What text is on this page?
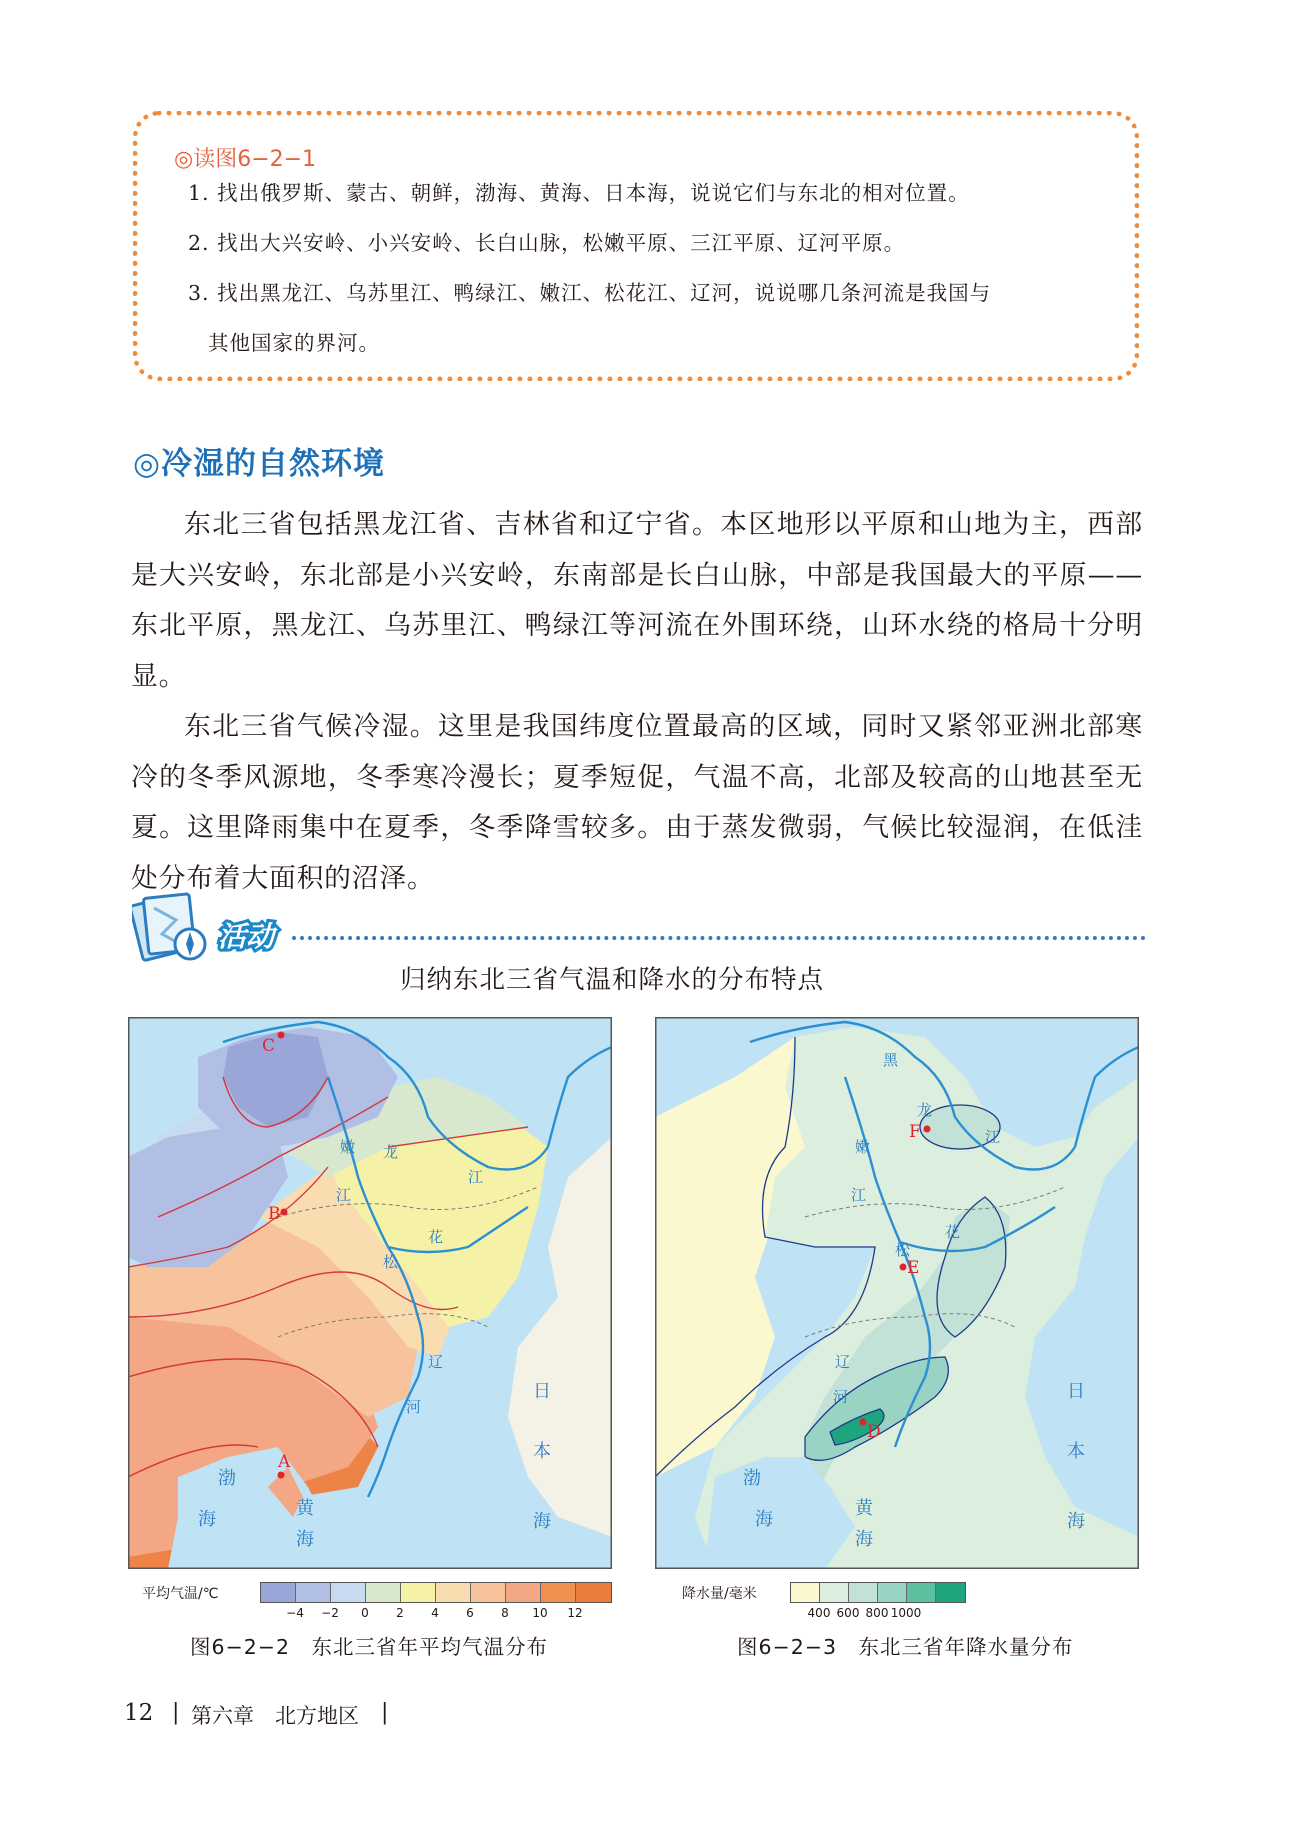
◎读图6−2−1
1. 找出俄罗斯、蒙古、朝鲜，渤海、黄海、日本海，说说它们与东北的相对位置。
2. 找出大兴安岭、小兴安岭、长白山脉，松嫩平原、三江平原、辽河平原。
3. 找出黑龙江、乌苏里江、鸭绿江、嫩江、松花江、辽河，说说哪几条河流是我国与
其他国家的界河。
◎冷湿的自然环境
东北三省包括黑龙江省、吉林省和辽宁省。本区地形以平原和山地为主，西部是大兴安岭，东北部是小兴安岭，东南部是长白山脉，中部是我国最大的平原——东北平原，黑龙江、乌苏里江、鸭绿江等河流在外围环绕，山环水绕的格局十分明显。
东北三省气候冷湿。这里是我国纬度位置最高的区域，同时又紧邻亚洲北部寒冷的冬季风源地，冬季寒冷漫长；夏季短促，气温不高，北部及较高的山地甚至无夏。这里降雨集中在夏季，冬季降雪较多。由于蒸发微弱，气候比较湿润，在低洼处分布着大面积的沼泽。
活动
归纳东北三省气温和降水的分布特点
C
B
A
龙
江
嫩
江
松
花
辽
河
渤
海
黄
海
日
本
海
D
E
F
黑
龙
江
嫩
江
松
花
辽
河
渤
海
黄
海
日
本
海
平均气温/℃
−4 −2 0 2 4 6 8 10 12
图6−2−2　东北三省年平均气温分布
降水量/毫米
400 600 800 1000
图6−2−3　东北三省年降水量分布
12 | 第六章　北方地区 |
